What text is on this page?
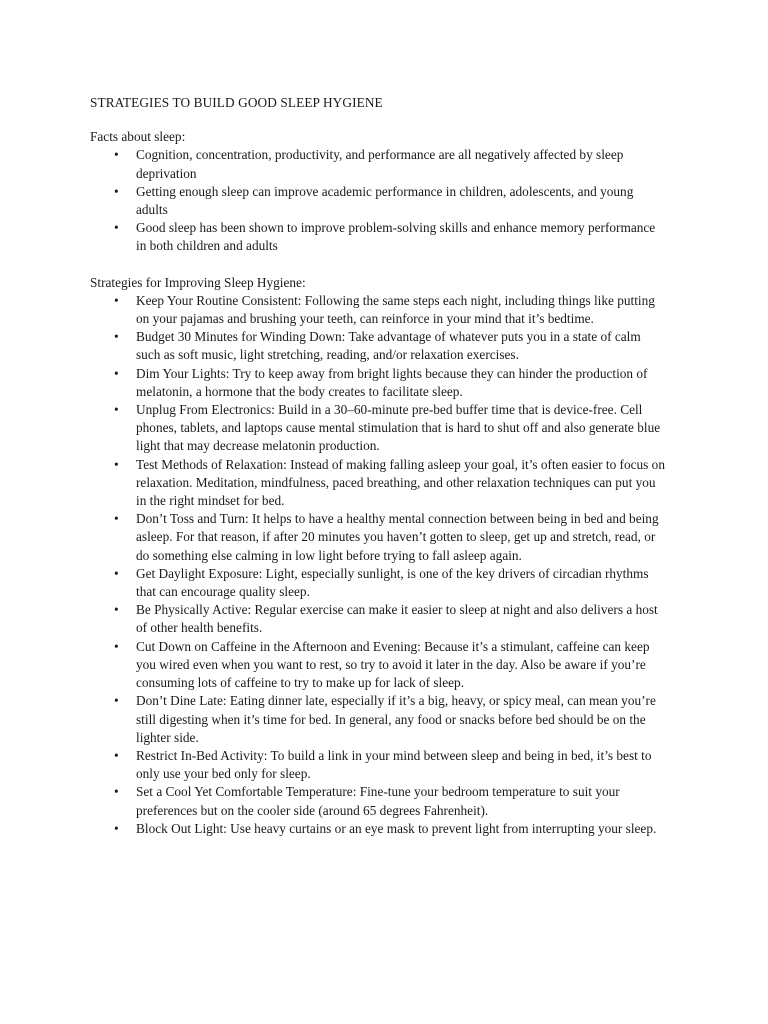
STRATEGIES TO BUILD GOOD SLEEP HYGIENE

Facts about sleep:

• Cognition, concentration, productivity, and performance are all negatively affected by sleep deprivation
• Getting enough sleep can improve academic performance in children, adolescents, and young adults
• Good sleep has been shown to improve problem-solving skills and enhance memory performance in both children and adults

Strategies for Improving Sleep Hygiene:

• Keep Your Routine Consistent: Following the same steps each night, including things like putting on your pajamas and brushing your teeth, can reinforce in your mind that it’s bedtime.
• Budget 30 Minutes for Winding Down: Take advantage of whatever puts you in a state of calm such as soft music, light stretching, reading, and/or relaxation exercises.
• Dim Your Lights: Try to keep away from bright lights because they can hinder the production of melatonin, a hormone that the body creates to facilitate sleep.
• Unplug From Electronics: Build in a 30–60-minute pre-bed buffer time that is device-free. Cell phones, tablets, and laptops cause mental stimulation that is hard to shut off and also generate blue light that may decrease melatonin production.
• Test Methods of Relaxation: Instead of making falling asleep your goal, it’s often easier to focus on relaxation. Meditation, mindfulness, paced breathing, and other relaxation techniques can put you in the right mindset for bed.
• Don’t Toss and Turn: It helps to have a healthy mental connection between being in bed and being asleep. For that reason, if after 20 minutes you haven’t gotten to sleep, get up and stretch, read, or do something else calming in low light before trying to fall asleep again.
• Get Daylight Exposure: Light, especially sunlight, is one of the key drivers of circadian rhythms that can encourage quality sleep.
• Be Physically Active: Regular exercise can make it easier to sleep at night and also delivers a host of other health benefits.
• Cut Down on Caffeine in the Afternoon and Evening: Because it’s a stimulant, caffeine can keep you wired even when you want to rest, so try to avoid it later in the day. Also be aware if you’re consuming lots of caffeine to try to make up for lack of sleep.
• Don’t Dine Late: Eating dinner late, especially if it’s a big, heavy, or spicy meal, can mean you’re still digesting when it’s time for bed. In general, any food or snacks before bed should be on the lighter side.
• Restrict In-Bed Activity: To build a link in your mind between sleep and being in bed, it’s best to only use your bed only for sleep.
• Set a Cool Yet Comfortable Temperature: Fine-tune your bedroom temperature to suit your preferences but on the cooler side (around 65 degrees Fahrenheit).
• Block Out Light: Use heavy curtains or an eye mask to prevent light from interrupting your sleep.
